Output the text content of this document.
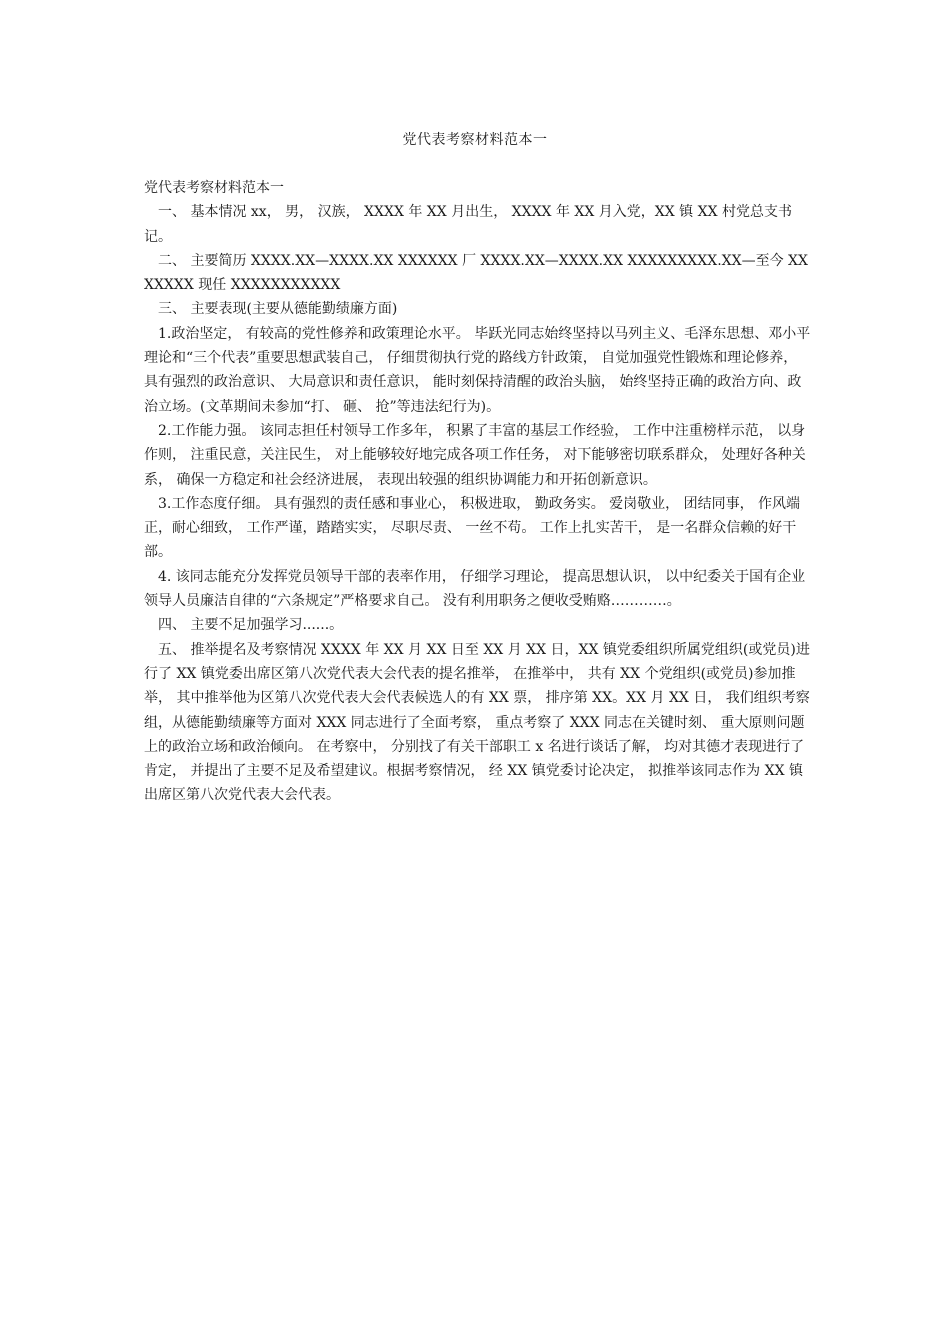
党代表考察材料范本一

党代表考察材料范本一

一、 基本情况 xx， 男， 汉族， XXXX 年 XX 月出生， XXXX 年 XX 月入党，XX 镇 XX 村党总支书记。

二、 主要简历 XXXX.XX—XXXX.XX XXXXXX 厂 XXXX.XX—XXXX.XX XXXXXXXXX.XX—至今 XXXXXXX 现任 XXXXXXXXXXX

三、 主要表现(主要从德能勤绩廉方面)

1.政治坚定， 有较高的党性修养和政策理论水平。 毕跃光同志始终坚持以马列主义、毛泽东思想、邓小平理论和“三个代表”重要思想武装自己， 仔细贯彻执行党的路线方针政策， 自觉加强党性锻炼和理论修养， 具有强烈的政治意识、 大局意识和责任意识， 能时刻保持清醒的政治头脑， 始终坚持正确的政治方向、政治立场。(文革期间未参加“打、 砸、 抢”等违法纪行为)。

2.工作能力强。 该同志担任村领导工作多年， 积累了丰富的基层工作经验， 工作中注重榜样示范， 以身作则， 注重民意，关注民生， 对上能够较好地完成各项工作任务， 对下能够密切联系群众， 处理好各种关系， 确保一方稳定和社会经济进展， 表现出较强的组织协调能力和开拓创新意识。

3.工作态度仔细。 具有强烈的责任感和事业心， 积极进取， 勤政务实。 爱岗敬业， 团结同事， 作风端正，耐心细致， 工作严谨，踏踏实实， 尽职尽责、 一丝不苟。 工作上扎实苦干， 是一名群众信赖的好干部。

4. 该同志能充分发挥党员领导干部的表率作用， 仔细学习理论， 提高思想认识， 以中纪委关于国有企业领导人员廉洁自律的“六条规定”严格要求自己。 没有利用职务之便收受贿赂…………。

四、 主要不足加强学习......。

五、 推举提名及考察情况 XXXX 年 XX 月 XX 日至 XX 月 XX 日，XX 镇党委组织所属党组织(或党员)进行了 XX 镇党委出席区第八次党代表大会代表的提名推举， 在推举中， 共有 XX 个党组织(或党员)参加推举， 其中推举他为区第八次党代表大会代表候选人的有 XX 票， 排序第 XX。XX 月 XX 日， 我们组织考察组，从德能勤绩廉等方面对 XXX 同志进行了全面考察， 重点考察了 XXX 同志在关键时刻、 重大原则问题上的政治立场和政治倾向。 在考察中， 分别找了有关干部职工 x 名进行谈话了解， 均对其德才表现进行了肯定， 并提出了主要不足及希望建议。根据考察情况， 经 XX 镇党委讨论决定， 拟推举该同志作为 XX 镇出席区第八次党代表大会代表。
